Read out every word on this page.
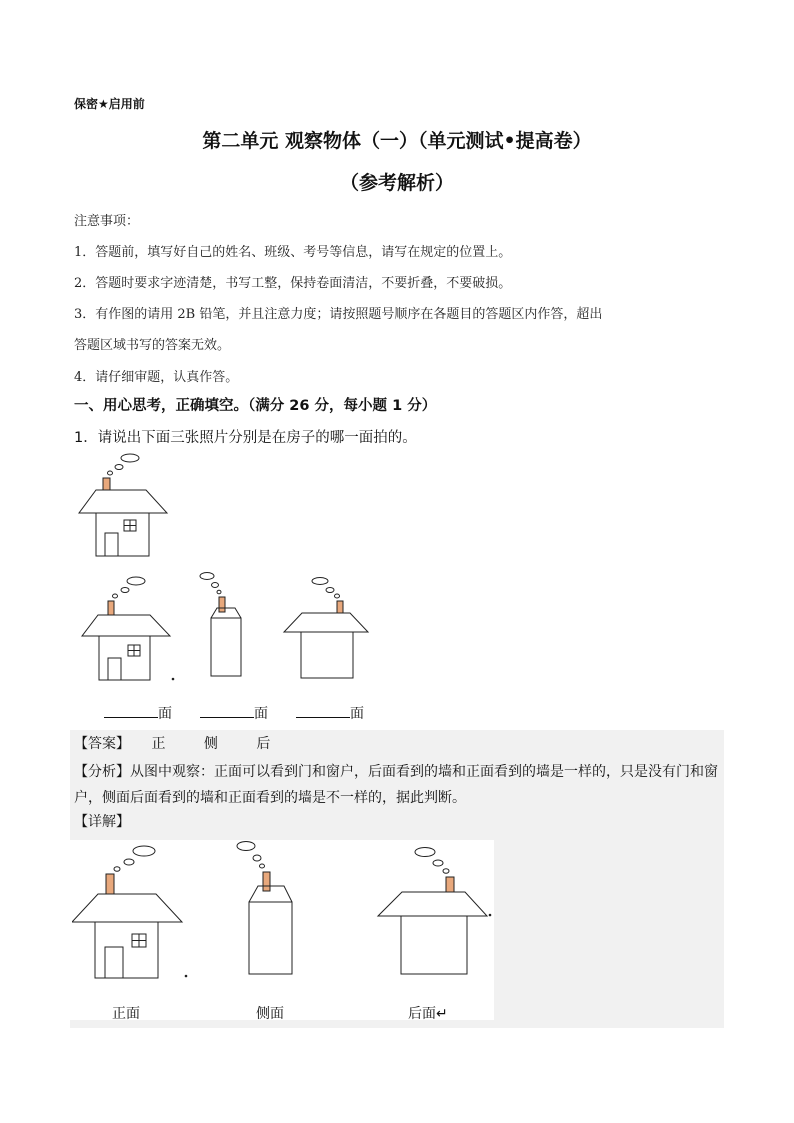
保密★启用前
第二单元 观察物体（一）（单元测试•提高卷）
（参考解析）
注意事项：
1．答题前，填写好自己的姓名、班级、考号等信息，请写在规定的位置上。
2．答题时要求字迹清楚，书写工整，保持卷面清洁，不要折叠，不要破损。
3．有作图的请用 2B 铅笔，并且注意力度；请按照题号顺序在各题目的答题区内作答，超出
答题区域书写的答案无效。
4．请仔细审题，认真作答。
一、用心思考，正确填空。（满分 26 分，每小题 1 分）
1．请说出下面三张照片分别是在房子的哪一面拍的。
面	面	面
【答案】 正	侧	后
【分析】从图中观察：正面可以看到门和窗户，后面看到的墙和正面看到的墙是一样的，只是没有门和窗户，侧面后面看到的墙和正面看到的墙是不一样的，据此判断。
【详解】
正面	侧面	后面↵
